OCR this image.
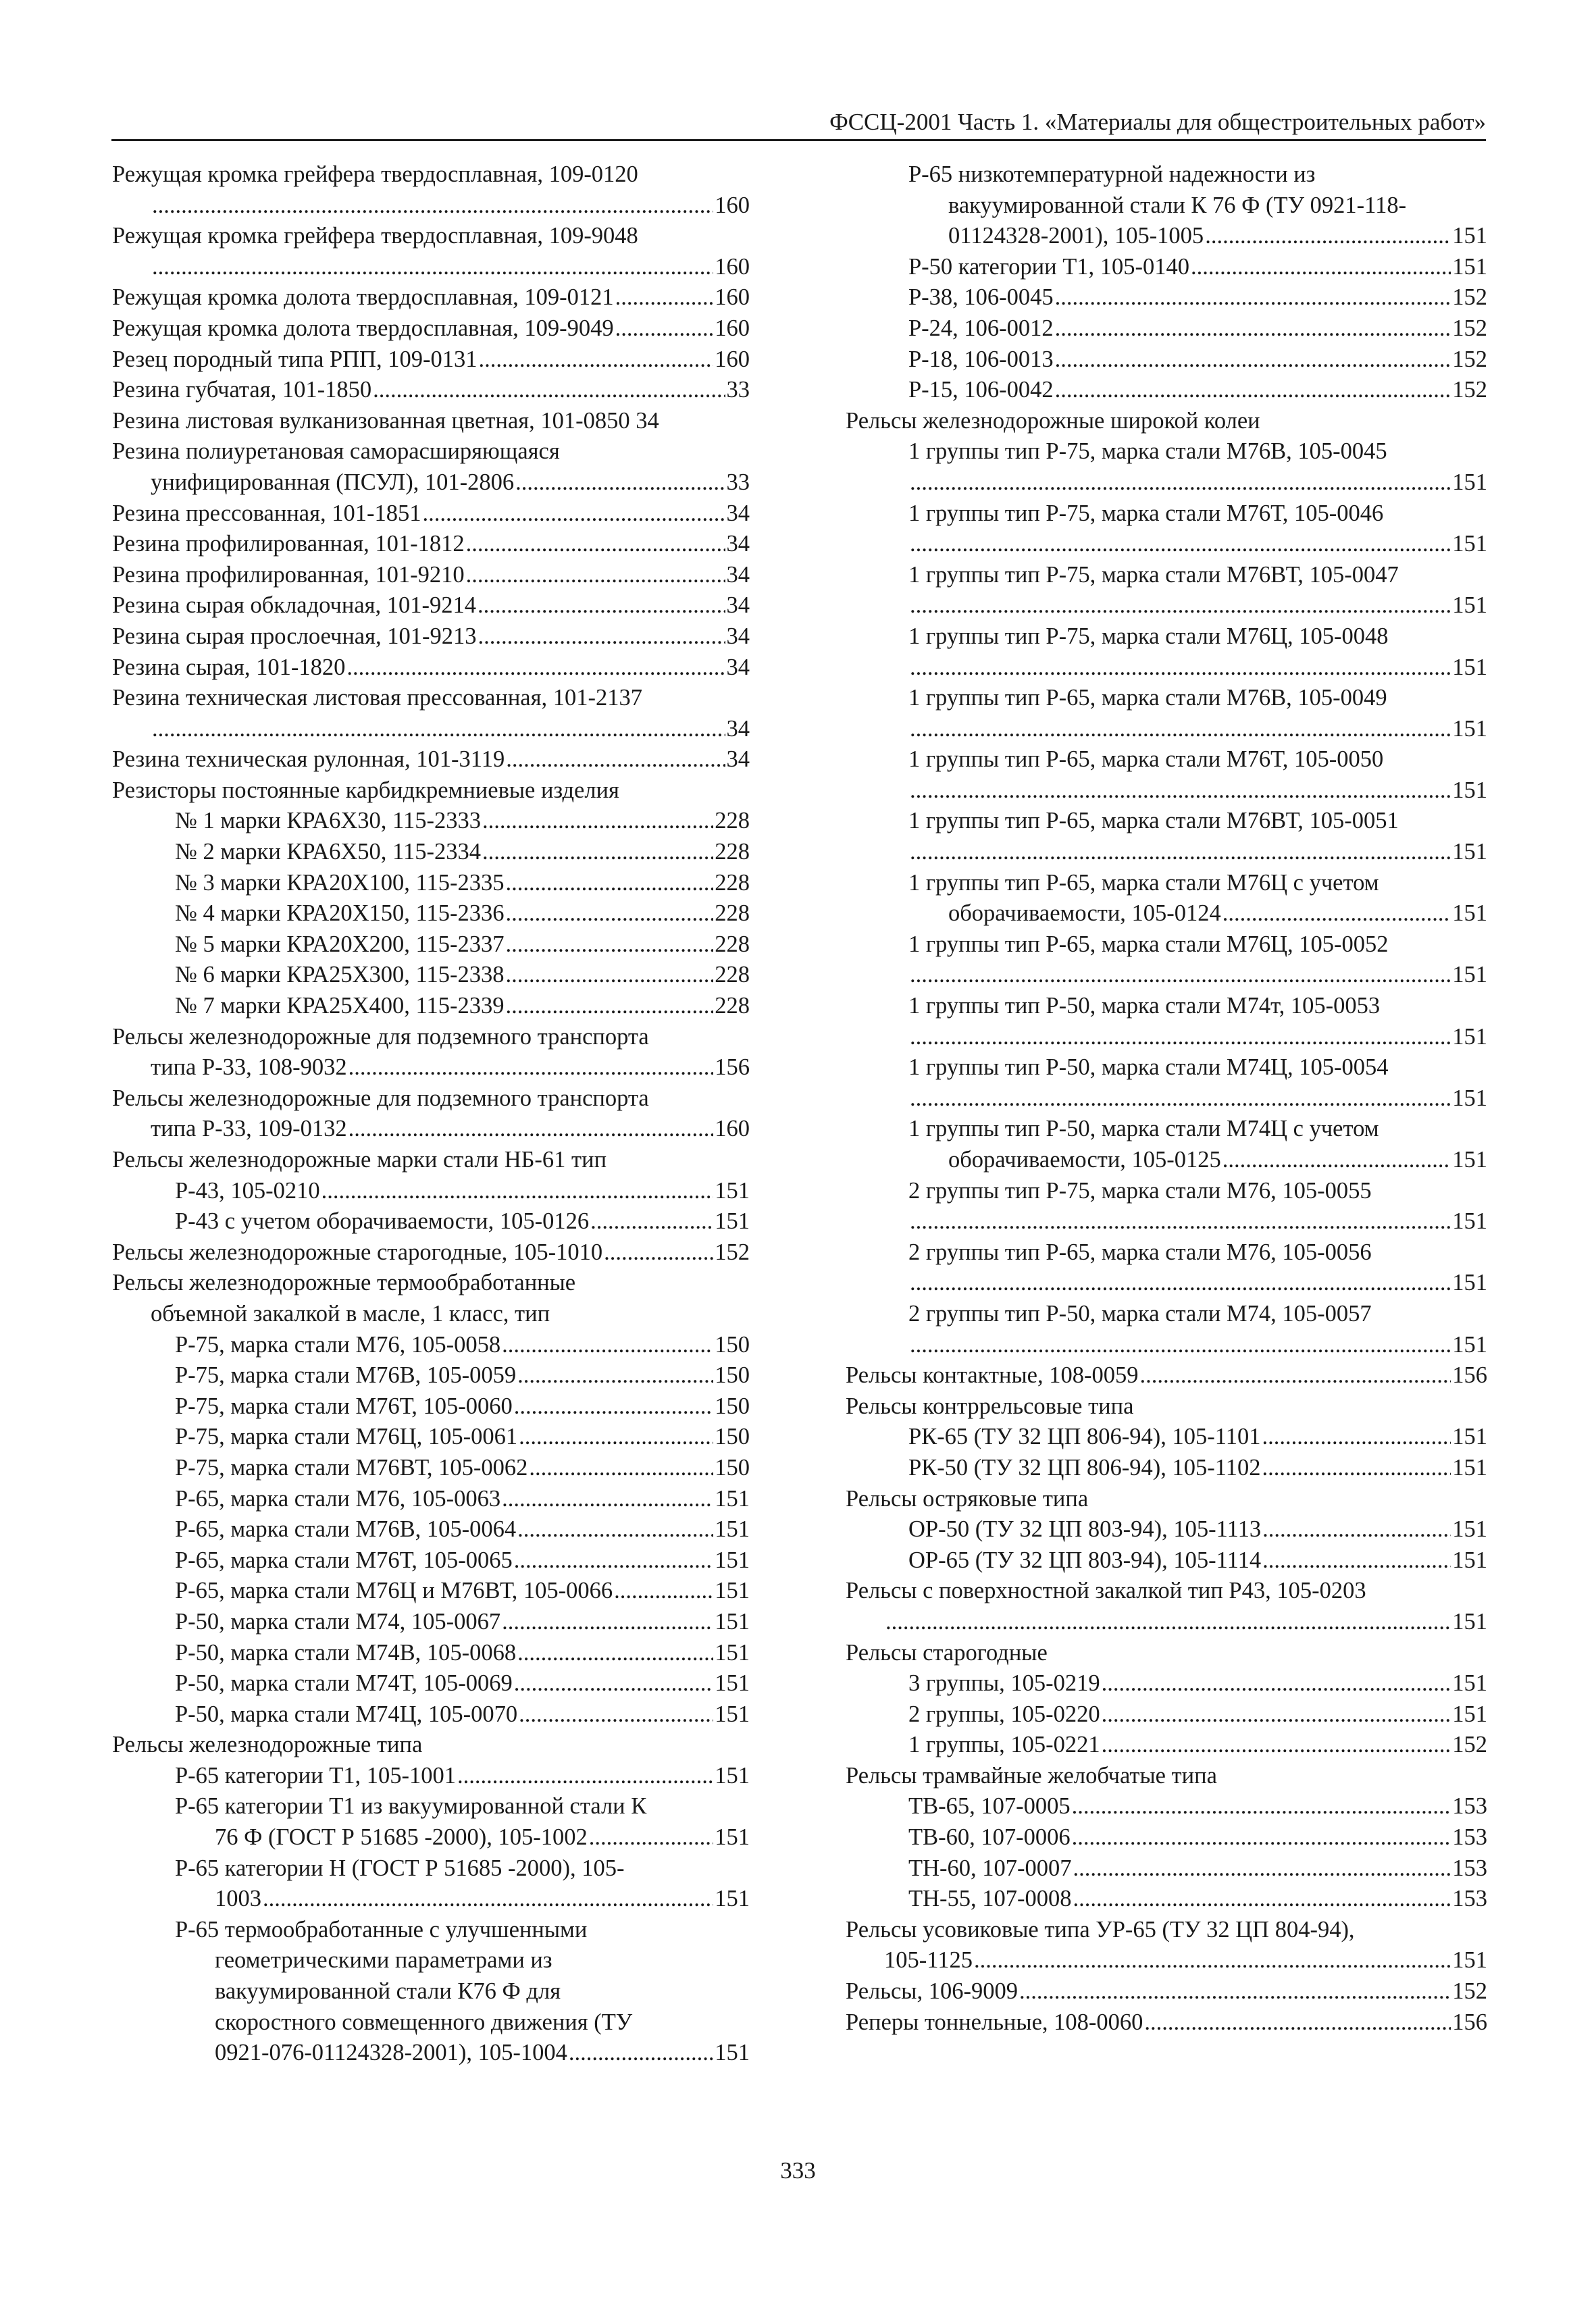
ФССЦ-2001 Часть 1. «Материалы для общестроительных работ»
Режущая кромка грейфера твердосплавная, 109-0120
.....
160
Режущая кромка грейфера твердосплавная, 109-9048
.....
160
Режущая кромка долота твердосплавная, 109-0121 .....	160
Режущая кромка долота твердосплавная, 109-9049 .....	160
Резец породный типа РПП, 109-0131 .....	160
Резина губчатая, 101-1850 .....	33
Резина листовая вулканизованная цветная, 101-0850 34
Резина полиуретановая саморасширяющаяся
унифицированная (ПСУЛ), 101-2806 .....	33
Резина прессованная, 101-1851 .....	34
Резина профилированная, 101-1812 .....	34
Резина профилированная, 101-9210 .....	34
Резина сырая обкладочная, 101-9214 .....	34
Резина сырая прослоечная, 101-9213 .....	34
Резина сырая, 101-1820 .....	34
Резина техническая листовая прессованная, 101-2137
.....
34
Резина техническая рулонная, 101-3119 .....	34
Резисторы постоянные карбидкремниевые изделия
№ 1 марки КРА6Х30, 115-2333 .....	228
№ 2 марки КРА6Х50, 115-2334 .....	228
№ 3 марки КРА20Х100, 115-2335 .....	228
№ 4 марки КРА20Х150, 115-2336 .....	228
№ 5 марки КРА20Х200, 115-2337 .....	228
№ 6 марки КРА25Х300, 115-2338 .....	228
№ 7 марки КРА25Х400, 115-2339 .....	228
Рельсы железнодорожные для подземного транспорта
типа Р-33, 108-9032 .....	156
Рельсы железнодорожные для подземного транспорта
типа Р-33, 109-0132 .....	160
Рельсы железнодорожные марки стали НБ-61 тип
Р-43, 105-0210 .....	151
Р-43 с учетом оборачиваемости, 105-0126 .....	151
Рельсы железнодорожные старогодные, 105-1010 .....	152
Рельсы железнодорожные термообработанные
объемной закалкой в масле, 1 класс, тип
Р-75, марка стали М76, 105-0058 .....	150
Р-75, марка стали М76В, 105-0059 .....	150
Р-75, марка стали М76Т, 105-0060 .....	150
Р-75, марка стали М76Ц, 105-0061 .....	150
Р-75, марка стали М76ВТ, 105-0062 .....	150
Р-65, марка стали М76, 105-0063 .....	151
Р-65, марка стали М76В, 105-0064 .....	151
Р-65, марка стали М76Т, 105-0065 .....	151
Р-65, марка стали М76Ц и М76ВТ, 105-0066 .....	151
Р-50, марка стали М74, 105-0067 .....	151
Р-50, марка стали М74В, 105-0068 .....	151
Р-50, марка стали М74Т, 105-0069 .....	151
Р-50, марка стали М74Ц, 105-0070 .....	151
Рельсы железнодорожные типа
Р-65 категории Т1, 105-1001 .....	151
Р-65 категории Т1 из вакуумированной стали К
76 Ф (ГОСТ Р 51685 -2000), 105-1002 .....	151
Р-65 категории Н (ГОСТ Р 51685 -2000), 105-
1003 .....	151
Р-65 термообработанные с улучшенными
геометрическими параметрами из
вакуумированной стали К76 Ф для
скоростного совмещенного движения (ТУ
0921-076-01124328-2001), 105-1004 .....	151
Р-65 низкотемпературной надежности из
вакуумированной стали К 76 Ф (ТУ 0921-118-
01124328-2001), 105-1005 .....	151
Р-50 категории Т1, 105-0140 .....	151
Р-38, 106-0045 .....	152
Р-24, 106-0012 .....	152
Р-18, 106-0013 .....	152
Р-15, 106-0042 .....	152
Рельсы железнодорожные широкой колеи
1 группы тип Р-75, марка стали М76В, 105-0045
.....
151
1 группы тип Р-75, марка стали М76Т, 105-0046
.....
151
1 группы тип Р-75, марка стали М76ВТ, 105-0047
.....
151
1 группы тип Р-75, марка стали М76Ц, 105-0048
.....
151
1 группы тип Р-65, марка стали М76В, 105-0049
.....
151
1 группы тип Р-65, марка стали М76Т, 105-0050
.....
151
1 группы тип Р-65, марка стали М76ВТ, 105-0051
.....
151
1 группы тип Р-65, марка стали М76Ц с учетом
оборачиваемости, 105-0124 .....	151
1 группы тип Р-65, марка стали М76Ц, 105-0052
.....
151
1 группы тип Р-50, марка стали М74т, 105-0053
.....
151
1 группы тип Р-50, марка стали М74Ц, 105-0054
.....
151
1 группы тип Р-50, марка стали М74Ц с учетом
оборачиваемости, 105-0125 .....	151
2 группы тип Р-75, марка стали М76, 105-0055
.....
151
2 группы тип Р-65, марка стали М76, 105-0056
.....
151
2 группы тип Р-50, марка стали М74, 105-0057
.....
151
Рельсы контактные, 108-0059 .....	156
Рельсы контррельсовые типа
РК-65 (ТУ 32 ЦП 806-94), 105-1101 .....	151
РК-50 (ТУ 32 ЦП 806-94), 105-1102 .....	151
Рельсы остряковые типа
ОР-50 (ТУ 32 ЦП 803-94), 105-1113 .....	151
ОР-65 (ТУ 32 ЦП 803-94), 105-1114 .....	151
Рельсы с поверхностной закалкой тип Р43, 105-0203
.....
151
Рельсы старогодные
3 группы, 105-0219 .....	151
2 группы, 105-0220 .....	151
1 группы, 105-0221 .....	152
Рельсы трамвайные желобчатые типа
ТВ-65, 107-0005 .....	153
ТВ-60, 107-0006 .....	153
ТН-60, 107-0007 .....	153
ТН-55, 107-0008 .....	153
Рельсы усовиковые типа УР-65 (ТУ 32 ЦП 804-94),
105-1125 .....	151
Рельсы, 106-9009 .....	152
Реперы тоннельные, 108-0060 .....	156
333
